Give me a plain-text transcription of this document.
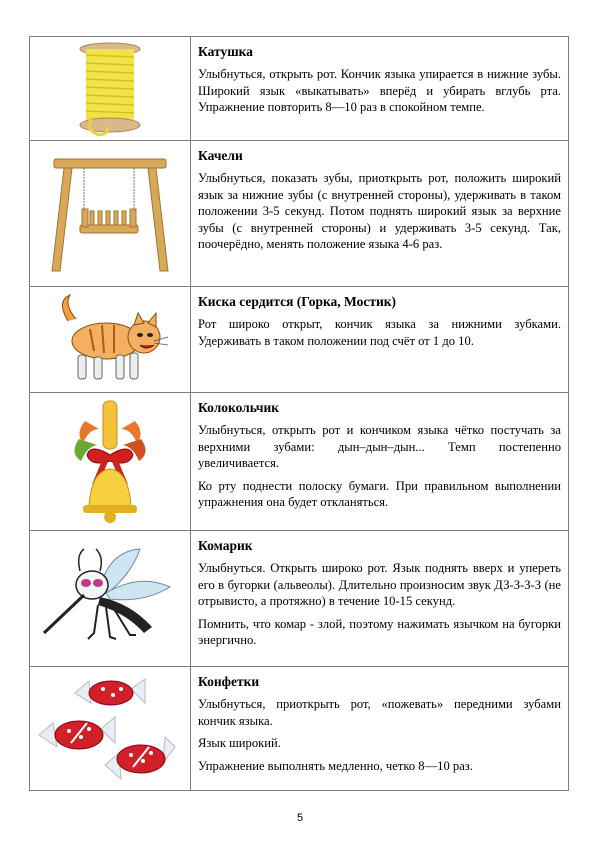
Катушка
Улыбнуться, открыть рот. Кончик языка упирается в нижние зубы. Широкий язык «выкатывать» вперёд и убирать вглубь рта. Упражнение повторить 8—10 раз в спокойном темпе.

Качели
Улыбнуться, показать зубы, приоткрыть рот, положить широкий язык за нижние зубы (с внутренней стороны), удерживать в таком положении 3-5 секунд. Потом поднять широкий язык за верхние зубы (с внутренней стороны) и удерживать 3-5 секунд. Так, поочерёдно, менять положение языка 4-6 раз.

Киска сердится (Горка, Мостик)
Рот широко открыт, кончик языка за нижними зубками. Удерживать в таком положении под счёт от 1 до 10.

Колокольчик
Улыбнуться, открыть рот и кончиком языка чётко постучать за верхними зубами: дын–дын–дын... Темп постепенно увеличивается.
Ко рту поднести полоску бумаги. При правильном выполнении упражнения она будет откланяться.

Комарик
Улыбнуться. Открыть широко рот. Язык поднять вверх и упереть его в бугорки (альвеолы). Длительно произносим звук ДЗ-З-З-З (не отрывисто, а протяжно) в течение 10-15 секунд.
Помнить, что комар - злой, поэтому нажимать язычком на бугорки энергично.

Конфетки
Улыбнуться, приоткрыть рот, «пожевать» передними зубами кончик языка.
Язык широкий.
Упражнение выполнять медленно, четко 8—10 раз.
5
